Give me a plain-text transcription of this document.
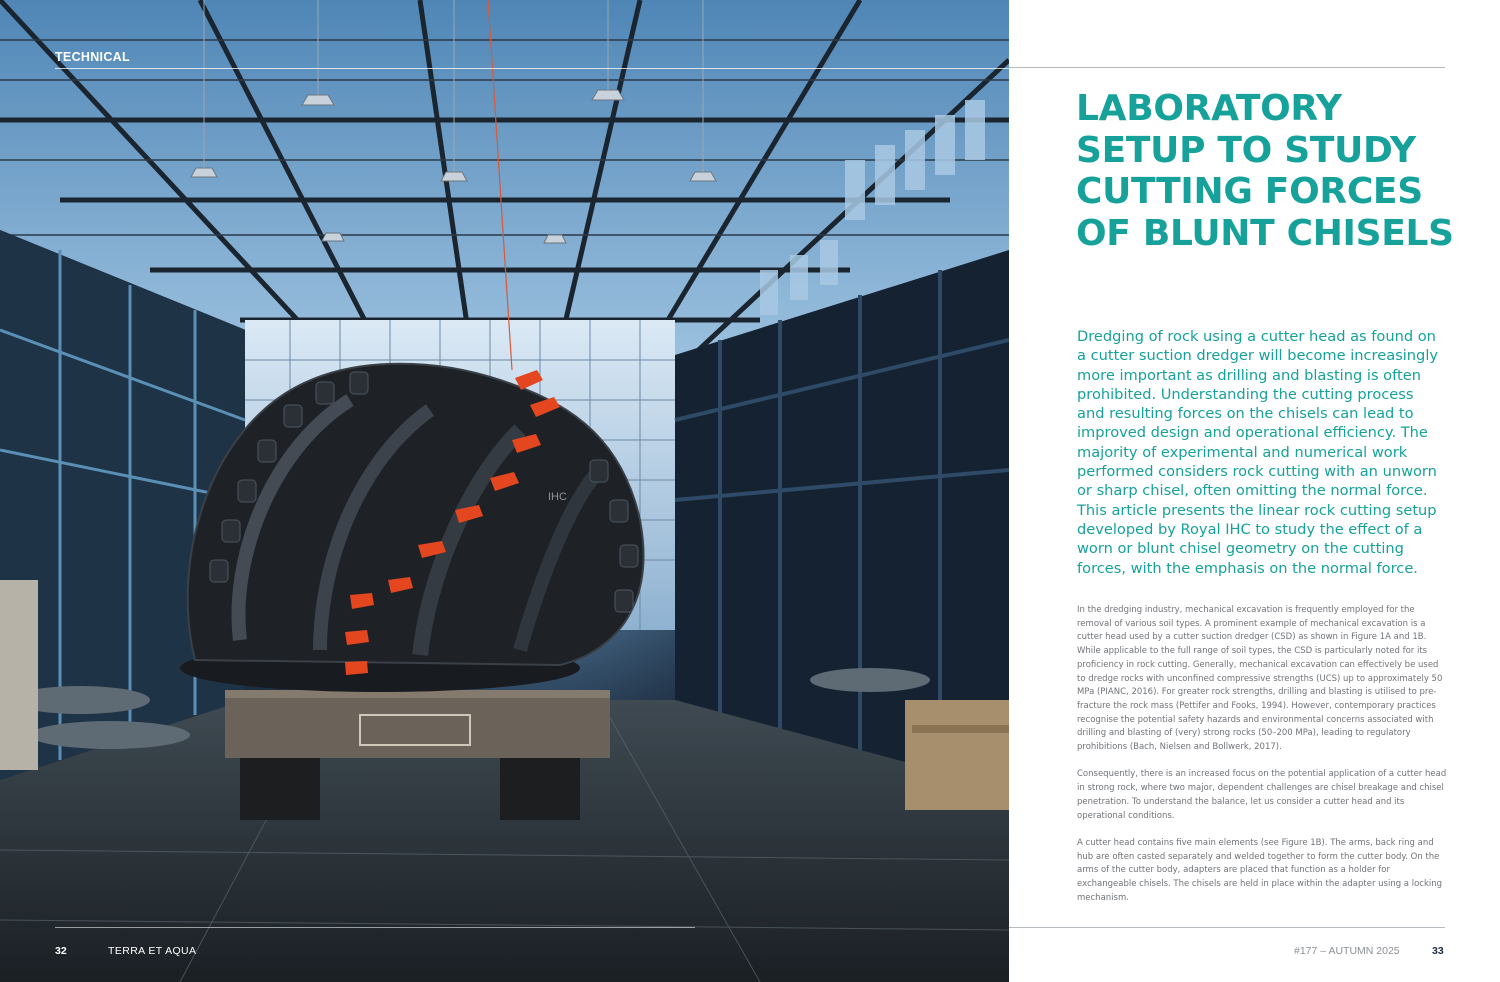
IHC

TECHNICAL

32	TERRA ET AQUA
LABORATORY SETUP TO STUDY CUTTING FORCES OF BLUNT CHISELS

Dredging of rock using a cutter head as found on a cutter suction dredger will become increasingly more important as drilling and blasting is often prohibited. Understanding the cutting process and resulting forces on the chisels can lead to improved design and operational efficiency. The majority of experimental and numerical work performed considers rock cutting with an unworn or sharp chisel, often omitting the normal force. This article presents the linear rock cutting setup developed by Royal IHC to study the effect of a worn or blunt chisel geometry on the cutting forces, with the emphasis on the normal force.

In the dredging industry, mechanical excavation is frequently employed for the removal of various soil types. A prominent example of mechanical excavation is a cutter head used by a cutter suction dredger (CSD) as shown in Figure 1A and 1B. While applicable to the full range of soil types, the CSD is particularly noted for its proficiency in rock cutting. Generally, mechanical excavation can effectively be used to dredge rocks with unconfined compressive strengths (UCS) up to approximately 50 MPa (PIANC, 2016). For greater rock strengths, drilling and blasting is utilised to pre-fracture the rock mass (Pettifer and Fooks, 1994). However, contemporary practices recognise the potential safety hazards and environmental concerns associated with drilling and blasting of (very) strong rocks (50–200 MPa), leading to regulatory prohibitions (Bach, Nielsen and Bollwerk, 2017).

Consequently, there is an increased focus on the potential application of a cutter head in strong rock, where two major, dependent challenges are chisel breakage and chisel penetration. To understand the balance, let us consider a cutter head and its operational conditions.

A cutter head contains five main elements (see Figure 1B). The arms, back ring and hub are often casted separately and welded together to form the cutter body. On the arms of the cutter body, adapters are placed that function as a holder for exchangeable chisels. The chisels are held in place within the adapter using a locking mechanism.

#177 – AUTUMN 2025	33
